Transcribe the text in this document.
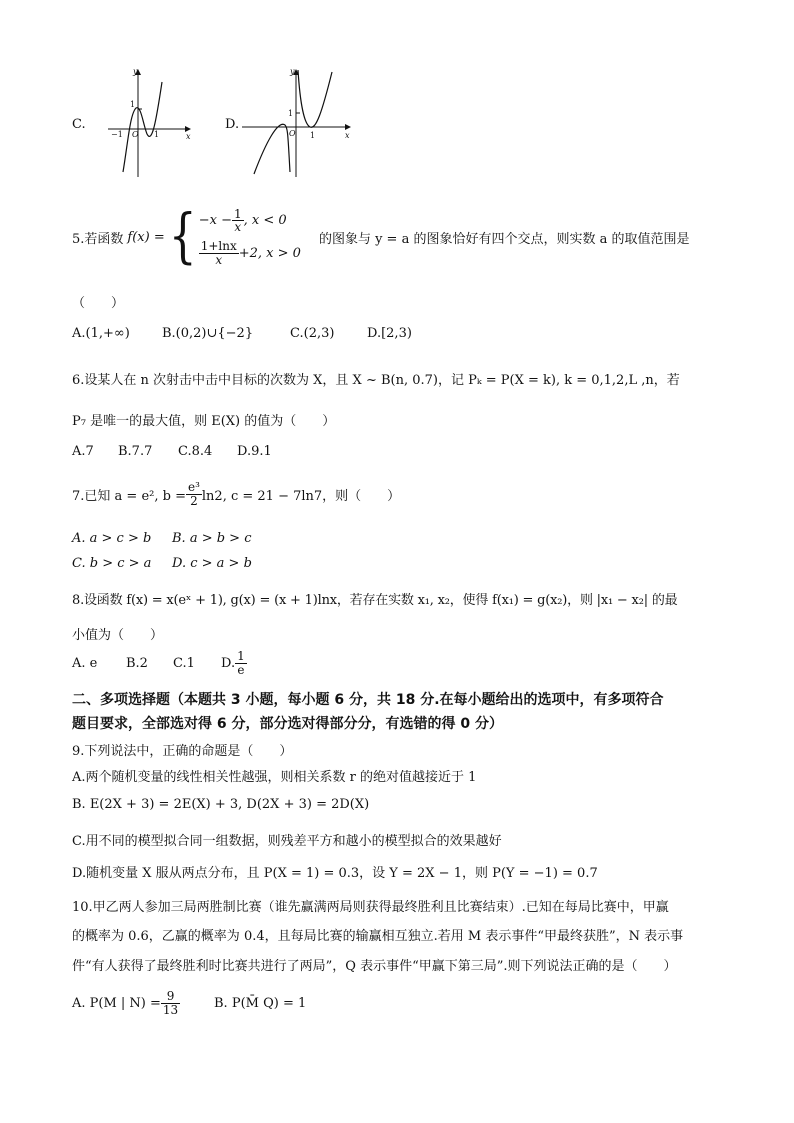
C.
y
x
1
−1 O 1
D.
y
x
1
O 1
5.若函数 f(x) = { $-x - \frac{1}{x}$ , x < 0
$\frac{1+\ln x}{x} +2$, x > 0
的图象与 y = a 的图象恰好有四个交点，则实数 a 的取值范围是
（　　）
A.(1,+∞) B.(0,2)∪{−2}	C.(2,3)	D.[2,3)
6.设某人在 n 次射击中击中目标的次数为 X，且 X ~ B(n, 0.7)，记 Pₖ = P(X = k), k = 0,1,2,L ,n，若
P₇ 是唯一的最大值，则 E(X) 的值为（　　）
A.7 B.7.7 C.8.4 D.9.1
7.已知 a = e², $b = \frac{\text{e³}}{2} \ln 2$, c = 21 − 7ln7，则（　　）
A. a > c > b B. a > b > c
C. b > c > a D. c > a > b
8.设函数 f(x) = x(eˣ + 1), g(x) = (x + 1)lnx，若存在实数 x₁, x₂，使得 f(x₁) = g(x₂)，则 |x₁ − x₂| 的最
小值为（　　）
A. e B.2 C.1 D. $\frac{1}{e}$
二、多项选择题（本题共 3 小题，每小题 6 分，共 18 分.在每小题给出的选项中，有多项符合
题目要求，全部选对得 6 分，部分选对得部分分，有选错的得 0 分）
9.下列说法中，正确的命题是（　　）
A.两个随机变量的线性相关性越强，则相关系数 r 的绝对值越接近于 1
B. E(2X + 3) = 2E(X) + 3, D(2X + 3) = 2D(X)
C.用不同的模型拟合同一组数据，则残差平方和越小的模型拟合的效果越好
D.随机变量 X 服从两点分布，且 P(X = 1) = 0.3，设 Y = 2X − 1，则 P(Y = −1) = 0.7
10.甲乙两人参加三局两胜制比赛（谁先赢满两局则获得最终胜利且比赛结束）.已知在每局比赛中，甲赢
的概率为 0.6，乙赢的概率为 0.4，且每局比赛的输赢相互独立.若用 M 表示事件“甲最终获胜”，N 表示事
件“有人获得了最终胜利时比赛共进行了两局”，Q 表示事件“甲赢下第三局”.则下列说法正确的是（　　）
A. P(M | $N) = \frac{9}{13}$	B. P(M̄ Q) = 1
